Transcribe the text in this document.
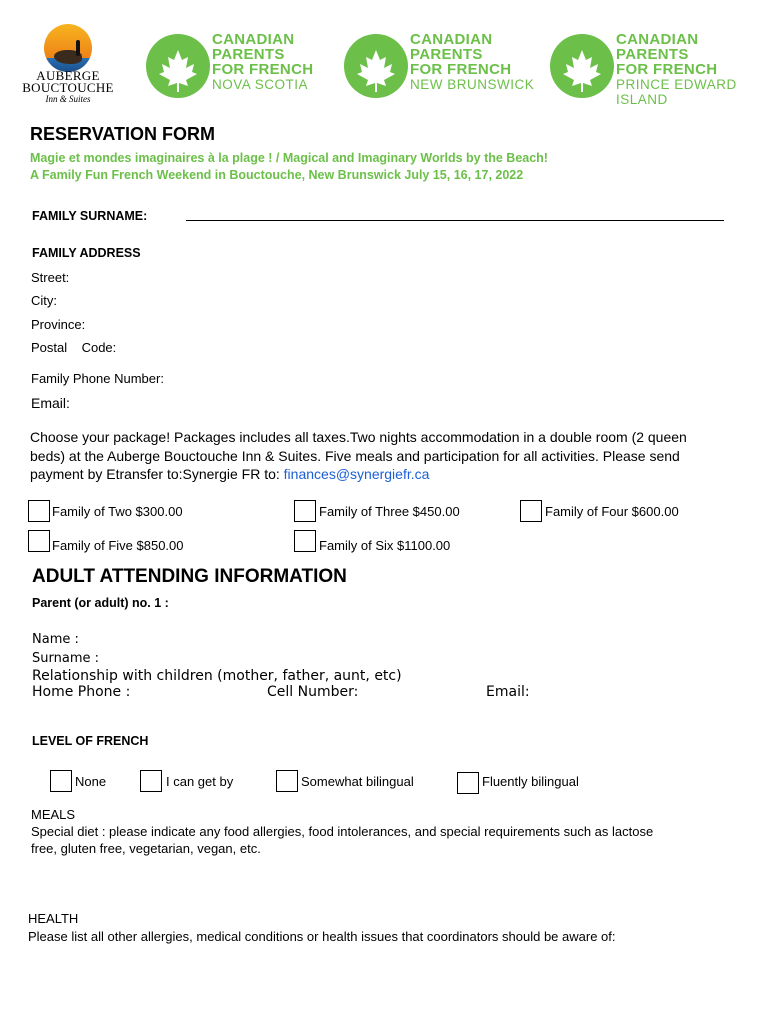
AUBERGE
BOUCTOUCHE
Inn & Suites
CANADIAN
PARENTS
FOR FRENCH
NOVA SCOTIA
CANADIAN
PARENTS
FOR FRENCH
NEW BRUNSWICK
CANADIAN
PARENTS
FOR FRENCH
PRINCE EDWARD
ISLAND
RESERVATION FORM
Magie et mondes imaginaires à la plage ! / Magical and Imaginary Worlds by the Beach!
A Family Fun French Weekend in Bouctouche, New Brunswick July 15, 16, 17, 2022
FAMILY SURNAME:
FAMILY ADDRESS
Street:
City:
Province:
Postal    Code:
Family Phone Number:
Email:
Choose your package! Packages includes all taxes.Two nights accommodation in a double room (2 queen
beds) at the Auberge Bouctouche Inn & Suites. Five meals and participation for all activities. Please send
payment by Etransfer to:Synergie FR to: finances@synergiefr.ca
Family of Two $300.00	Family of Three $450.00	Family of Four $600.00
Family of Five $850.00	Family of Six $1100.00
ADULT ATTENDING INFORMATION
Parent (or adult) no. 1 :
Name :
Surname :
Relationship with children (mother, father, aunt, etc)
Home Phone :	Cell Number:	Email:
LEVEL OF FRENCH
None	I can get by	Somewhat bilingual	Fluently bilingual
MEALS
Special diet : please indicate any food allergies, food intolerances, and special requirements such as lactose
free, gluten free, vegetarian, vegan, etc.
HEALTH
Please list all other allergies, medical conditions or health issues that coordinators should be aware of:
